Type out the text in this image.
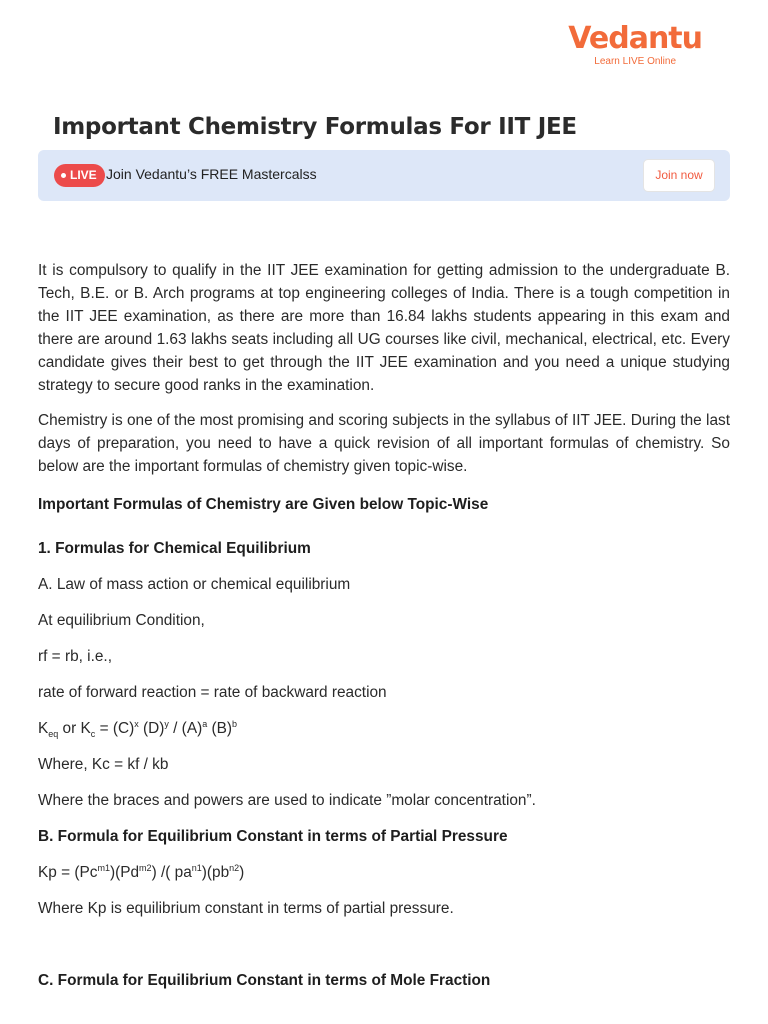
Vedantu
Learn LIVE Online
Important Chemistry Formulas For IIT JEE
LIVE Join Vedantu’s FREE Mastercalss	Join now

It is compulsory to qualify in the IIT JEE examination for getting admission to the undergraduate B. Tech, B.E. or B. Arch programs at top engineering colleges of India. There is a tough competition in the IIT JEE examination, as there are more than 16.84 lakhs students appearing in this exam and there are around 1.63 lakhs seats including all UG courses like civil, mechanical, electrical, etc. Every candidate gives their best to get through the IIT JEE examination and you need a unique studying strategy to secure good ranks in the examination.

Chemistry is one of the most promising and scoring subjects in the syllabus of IIT JEE. During the last days of preparation, you need to have a quick revision of all important formulas of chemistry. So below are the important formulas of chemistry given topic-wise.

Important Formulas of Chemistry are Given below Topic-Wise

1. Formulas for Chemical Equilibrium

A. Law of mass action or chemical equilibrium

At equilibrium Condition,

rf = rb, i.e.,

rate of forward reaction = rate of backward reaction

$K_{eq}$ or $K_c = (C)^x$ $(D)^y / (A)^a$ $(B)^b$

Where, Kc = kf / kb

Where the braces and powers are used to indicate ”molar concentration”.

B. Formula for Equilibrium Constant in terms of Partial Pressure

$Kp = (Pc^{m1})(Pd^{m2})$ /( $pa^{n1})(pb^{n2})$

Where Kp is equilibrium constant in terms of partial pressure.

C. Formula for Equilibrium Constant in terms of Mole Fraction
